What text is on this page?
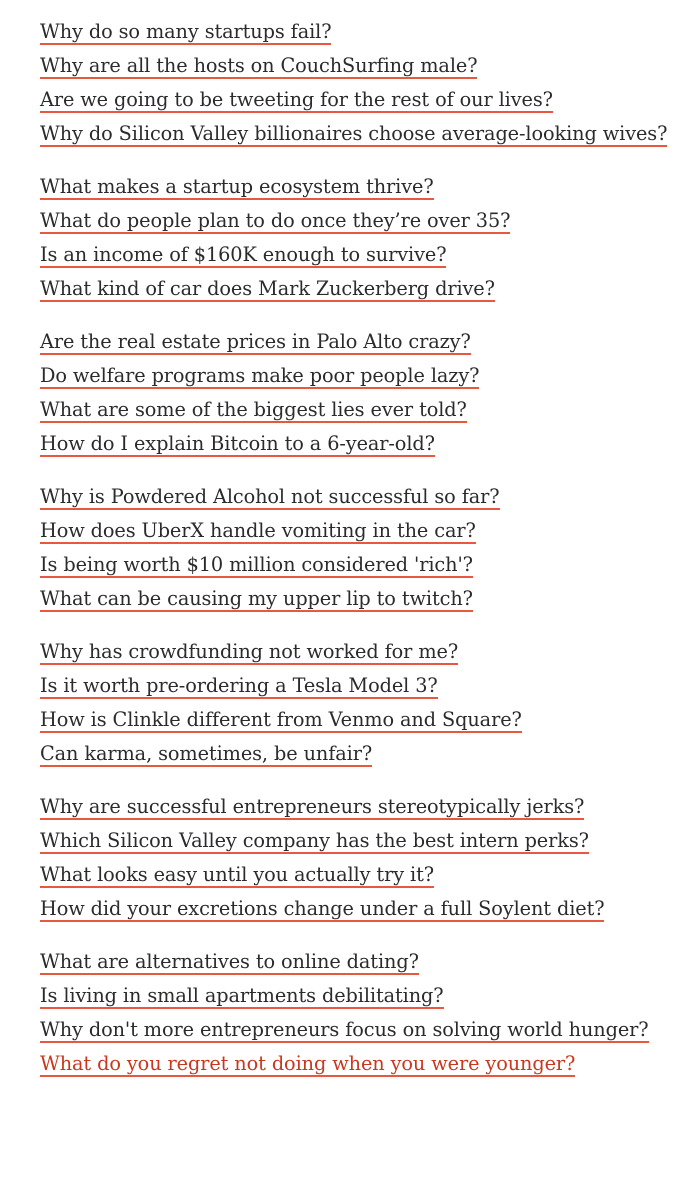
Why do so many startups fail?
Why are all the hosts on CouchSurfing male?
Are we going to be tweeting for the rest of our lives?
Why do Silicon Valley billionaires choose average-looking wives?
What makes a startup ecosystem thrive?
What do people plan to do once they’re over 35?
Is an income of $160K enough to survive?
What kind of car does Mark Zuckerberg drive?
Are the real estate prices in Palo Alto crazy?
Do welfare programs make poor people lazy?
What are some of the biggest lies ever told?
How do I explain Bitcoin to a 6-year-old?
Why is Powdered Alcohol not successful so far?
How does UberX handle vomiting in the car?
Is being worth $10 million considered 'rich'?
What can be causing my upper lip to twitch?
Why has crowdfunding not worked for me?
Is it worth pre-ordering a Tesla Model 3?
How is Clinkle different from Venmo and Square?
Can karma, sometimes, be unfair?
Why are successful entrepreneurs stereotypically jerks?
Which Silicon Valley company has the best intern perks?
What looks easy until you actually try it?
How did your excretions change under a full Soylent diet?
What are alternatives to online dating?
Is living in small apartments debilitating?
Why don't more entrepreneurs focus on solving world hunger?
What do you regret not doing when you were younger?
